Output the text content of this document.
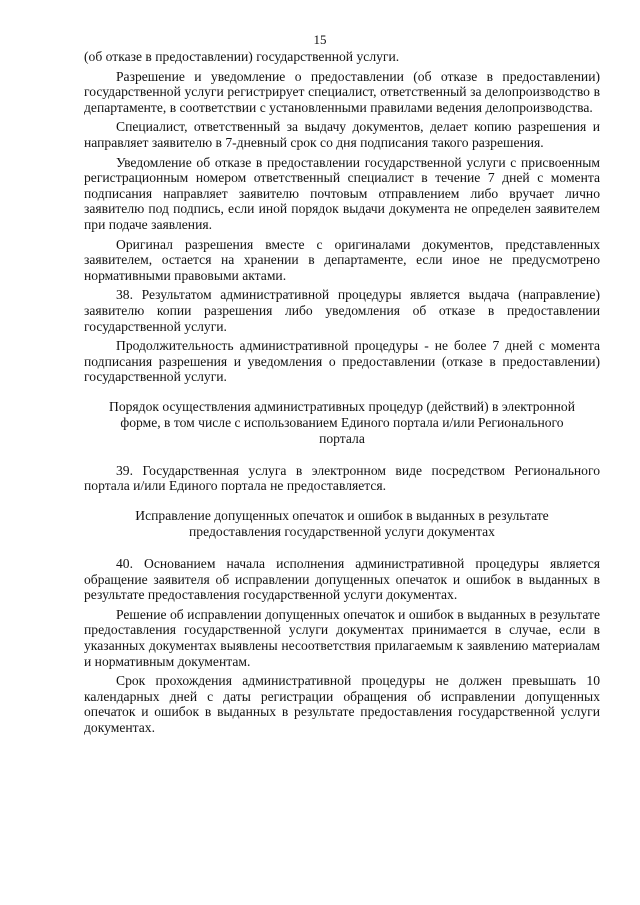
15

(об отказе в предоставлении) государственной услуги.

Разрешение и уведомление о предоставлении (об отказе в предоставлении) государственной услуги регистрирует специалист, ответственный за делопроизводство в департаменте, в соответствии с установленными правилами ведения делопроизводства.

Специалист, ответственный за выдачу документов, делает копию разрешения и направляет заявителю в 7-дневный срок со дня подписания такого разрешения.

Уведомление об отказе в предоставлении государственной услуги с присвоенным регистрационным номером ответственный специалист в течение 7 дней с момента подписания направляет заявителю почтовым отправлением либо вручает лично заявителю под подпись, если иной порядок выдачи документа не определен заявителем при подаче заявления.

Оригинал разрешения вместе с оригиналами документов, представленных заявителем, остается на хранении в департаменте, если иное не предусмотрено нормативными правовыми актами.

38. Результатом административной процедуры является выдача (направление) заявителю копии разрешения либо уведомления об отказе в предоставлении государственной услуги.

Продолжительность административной процедуры - не более 7 дней с момента подписания разрешения и уведомления о предоставлении (отказе в предоставлении) государственной услуги.

Порядок осуществления административных процедур (действий) в электронной форме, в том числе с использованием Единого портала и/или Регионального портала

39. Государственная услуга в электронном виде посредством Регионального портала и/или Единого портала не предоставляется.

Исправление допущенных опечаток и ошибок в выданных в результате предоставления государственной услуги документах

40. Основанием начала исполнения административной процедуры является обращение заявителя об исправлении допущенных опечаток и ошибок в выданных в результате предоставления государственной услуги документах.

Решение об исправлении допущенных опечаток и ошибок в выданных в результате предоставления государственной услуги документах принимается в случае, если в указанных документах выявлены несоответствия прилагаемым к заявлению материалам и нормативным документам.

Срок прохождения административной процедуры не должен превышать 10 календарных дней с даты регистрации обращения об исправлении допущенных опечаток и ошибок в выданных в результате предоставления государственной услуги документах.
